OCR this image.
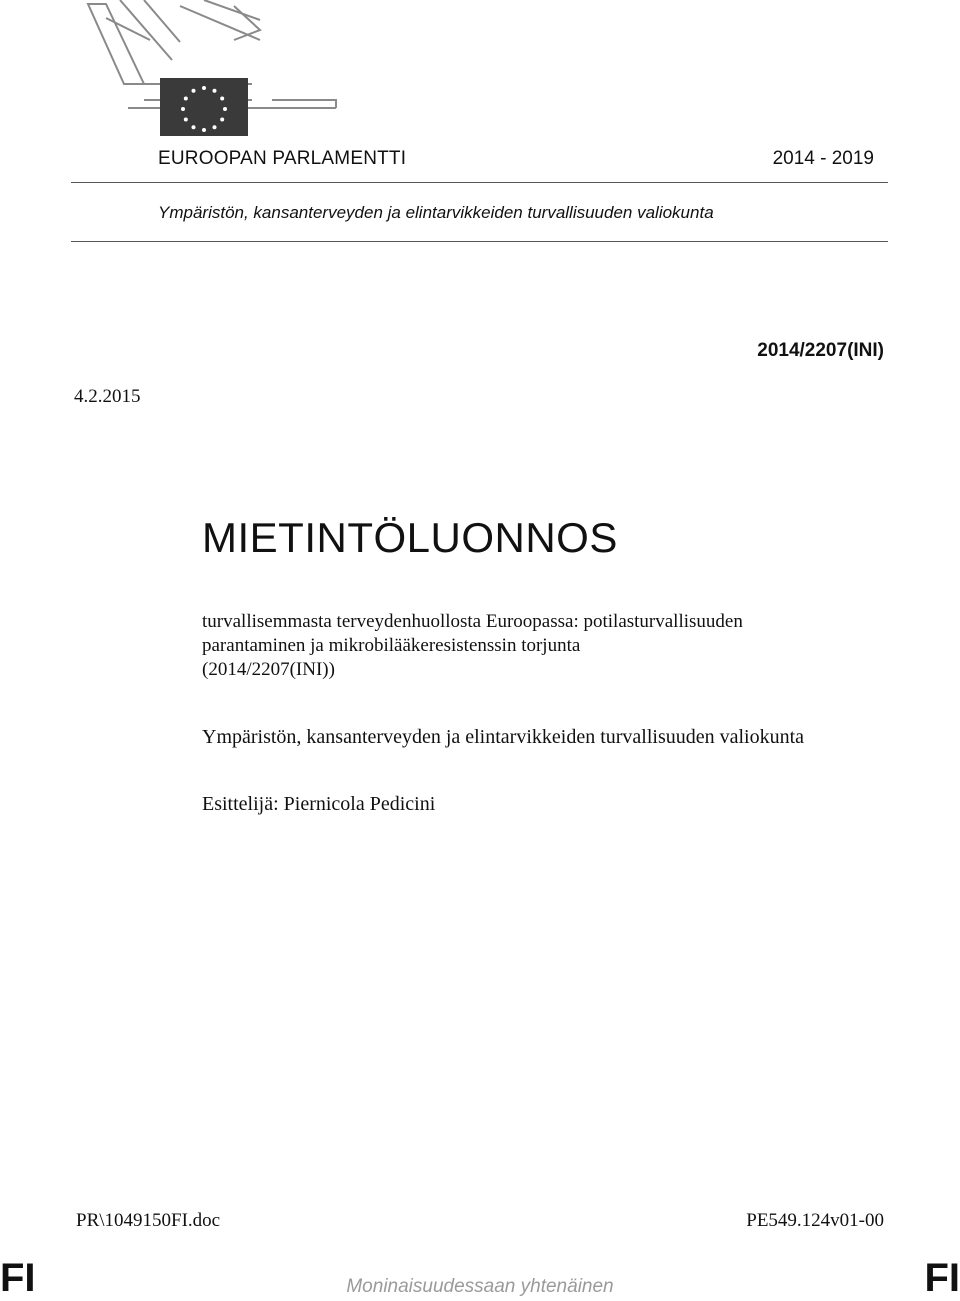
EUROOPAN PARLAMENTTI	2014 - 2019
Ympäristön, kansanterveyden ja elintarvikkeiden turvallisuuden valiokunta
2014/2207(INI)
4.2.2015
MIETINTÖLUONNOS
turvallisemmasta terveydenhuollosta Euroopassa: potilasturvallisuuden
parantaminen ja mikrobilääkeresistenssin torjunta
(2014/2207(INI))
Ympäristön, kansanterveyden ja elintarvikkeiden turvallisuuden valiokunta
Esittelijä: Piernicola Pedicini
PR\1049150FI.doc	PE549.124v01-00
FI	Moninaisuudessaan yhtenäinen	FI
